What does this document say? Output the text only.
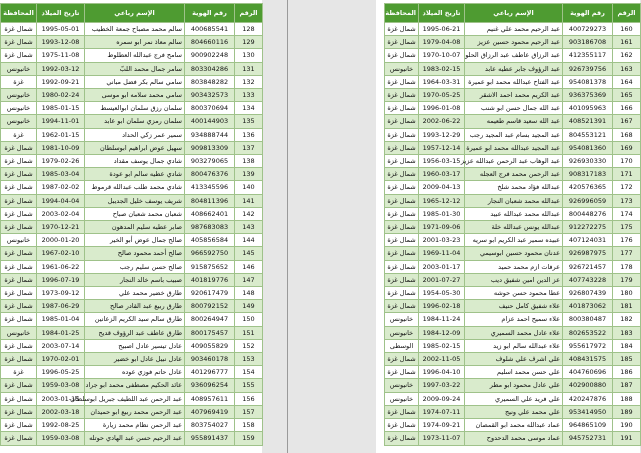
الرقم	رقم الهوية	الإسم رباعي	تاريخ الميلاد	المحافظة
128	400685541	سالم محمد مصباح جمعة الخطيب	1995-05-01	شمال غزة
129	804660116	سالم معاذ نمر ابو سمره	1993-12-08	شمال غزة
130	900902248	سامح فرج عبدالله العطلوط	1975-11-08	شمال غزة
131	803304286	سامر جمال محمد اللبّ	1992-03-12	خانيونس
132	803848282	سامي سالم بكر فضل مباني	1992-09-21	غزة
133	903432573	سامي محمد سلامه ابو موسى	1980-02-24	خانيونس
134	800370694	سلمان رزق سلمان ابوالعيسط	1985-01-15	خانيونس
135	400144903	سلمان رمزي سلمان ابو عابد	1994-11-01	خانيونس
136	934888744	سمير عمر زكي الحداد	1962-01-15	غزة
137	909813309	سهيل عوض ابراهيم ابوسلطان	1981-10-09	شمال غزة
138	903279065	شادي جمال يوسف مقداد	1979-02-26	شمال غزة
139	800476376	شادي عطيه سالم ابو عودة	1985-03-04	شمال غزة
140	413345596	شادي محمد طلب عبدالله قرموط	1987-02-02	شمال غزة
141	804811396	شريف يوسف خليل الجديبل	1994-04-04	شمال غزة
142	408662401	شعبان محمد شعبان صباح	2003-02-04	شمال غزة
143	987683083	صابر عطيه سليم المدهون	1970-12-21	شمال غزة
144	405856584	صالح جمال عوض أبو الخير	2000-01-20	خانيونس
145	966592750	صالح أحمد محمود صالح	1967-02-10	شمال غزة
146	915875652	صالح حسن سليم رجب	1961-06-22	شمال غزة
147	401819776	صبيب باسم خالد النجار	1996-07-19	شمال غزة
148	920617479	طارق خضير محمد علي	1973-09-12	شمال غزة
149	800792152	طارق ربيع عبد القادر صالح	1987-06-29	شمال غزة
150	800264947	طارق سالم سيد الكريم الزعانين	1985-01-04	شمال غزة
151	800175457	طارق عاطف عبد الرؤوف قديح	1984-01-25	خانيونس
152	409055829	عادل تيسير عادل اصبيح	2003-07-14	شمال غزة
153	903460178	عادل نبيل عادل ابو خضير	1970-02-01	شمال غزة
154	401296777	عادل حاتم فوزي عوده	1996-05-25	غزة
155	936096254	عائد الحكيم مصطفى محمد ابو جراد	1959-03-08	شمال غزة
156	408957611	عبد الرحمن عبد اللطيف جبريل ابوسلطان	2003-01-15	شمال غزة
157	407969419	عبد الرحمن محمد ربيع ابو حميدان	2002-03-18	شمال غزة
158	803754027	عبد الرحمن نظام محمد زيارة	1992-08-25	شمال غزة
159	955891437	عبد الرحيم حسن عبد الهادي حوتله	1959-03-08	شمال غزة
الرقم	رقم الهوية	الإسم رباعي	تاريخ الميلاد	المحافظة
160	400729273	عبد الرحيم محمد علي غنيم	1995-06-21	شمال غزة
161	903186708	عبد الرحيم محمود حسين عزيز	1979-04-08	شمال غزة
162	412355117	عبد الرزاق عاطف عبد الرزاق الحلو	1970-10-07	شمال غزة
163	926739756	عبد الرؤوف جابر عطيه عابد	1983-02-15	خانيونس
164	954081378	عبد الفتاح عبدالله محمد ابو عميرة	1964-03-31	شمال غزة
165	936375369	عبد الكريم محمد احمد الاشقر	1970-05-25	شمال غزة
166	401095963	عبد الله جمال حسن ابو شنب	1996-01-08	شمال غزة
167	408521391	عبد الله سعيد قاسم طعيمه	2002-06-22	شمال غزة
168	804553121	عبد المجيد بسام عبد المجيد رجب	1993-12-29	شمال غزة
169	954081360	عبد المجيد عبدالله محمد ابو عميرة	1957-12-14	شمال غزة
170	926930330	عبد الوهاب عبد الرحمن عبدالله عزيز	1956-03-15	شمال غزة
171	908317183	عبد الرحمن محمد فرج العجله	1960-03-17	شمال غزة
172	420576365	عبدالله فؤاد محمد شلخ	2009-04-13	شمال غزة
173	926996059	عبدالله محمد شعبان النجار	1965-12-12	شمال غزة
174	800448276	عبدالله محمد عبدالله عبيد	1985-01-30	شمال غزة
175	912272275	عبدالله يونس عبدالله خلة	1971-09-06	شمال غزة
176	407124031	عبيده سمير عبد الكريم ابو سريه	2001-03-23	شمال غزة
177	926987975	عدنان محمود حسين ابوسيمي	1969-11-04	شمال غزة
178	926721457	عرفات ازم محمد حميد	2003-01-17	شمال غزة
179	407743228	عز الدين امين شفيق ديب	2001-07-27	شمال غزة
180	926807439	عطا محمود حسن حوشه	1954-05-30	شمال غزة
181	401873062	علاء شفيق كامل حنيف	1996-02-18	شمال غزة
182	800380487	علاء سميح احمد عزام	1984-11-24	خانيونس
183	802653522	علاء عادل محمد السميري	1984-12-09	خانيونس
184	955617972	علاء عبدالله سالم ابو زيد	1985-02-15	الوسطى
185	408431575	علي اشرف علي شلوف	2002-11-05	شمال غزة
186	404760696	علي حسن محمد اسليم	1996-04-10	شمال غزة
187	402900880	علي عادل محمود ابو مطر	1997-03-22	خانيونس
188	420247876	علي فريد علي السميري	2009-09-24	خانيونس
189	953414950	علي محمد علي ونيج	1974-07-11	شمال غزة
190	964865109	عماد عبدالله محمد ابو القمصان	1974-09-21	شمال غزة
191	945752731	عماد موسى محمد الدحدوح	1973-11-07	شمال غزة
